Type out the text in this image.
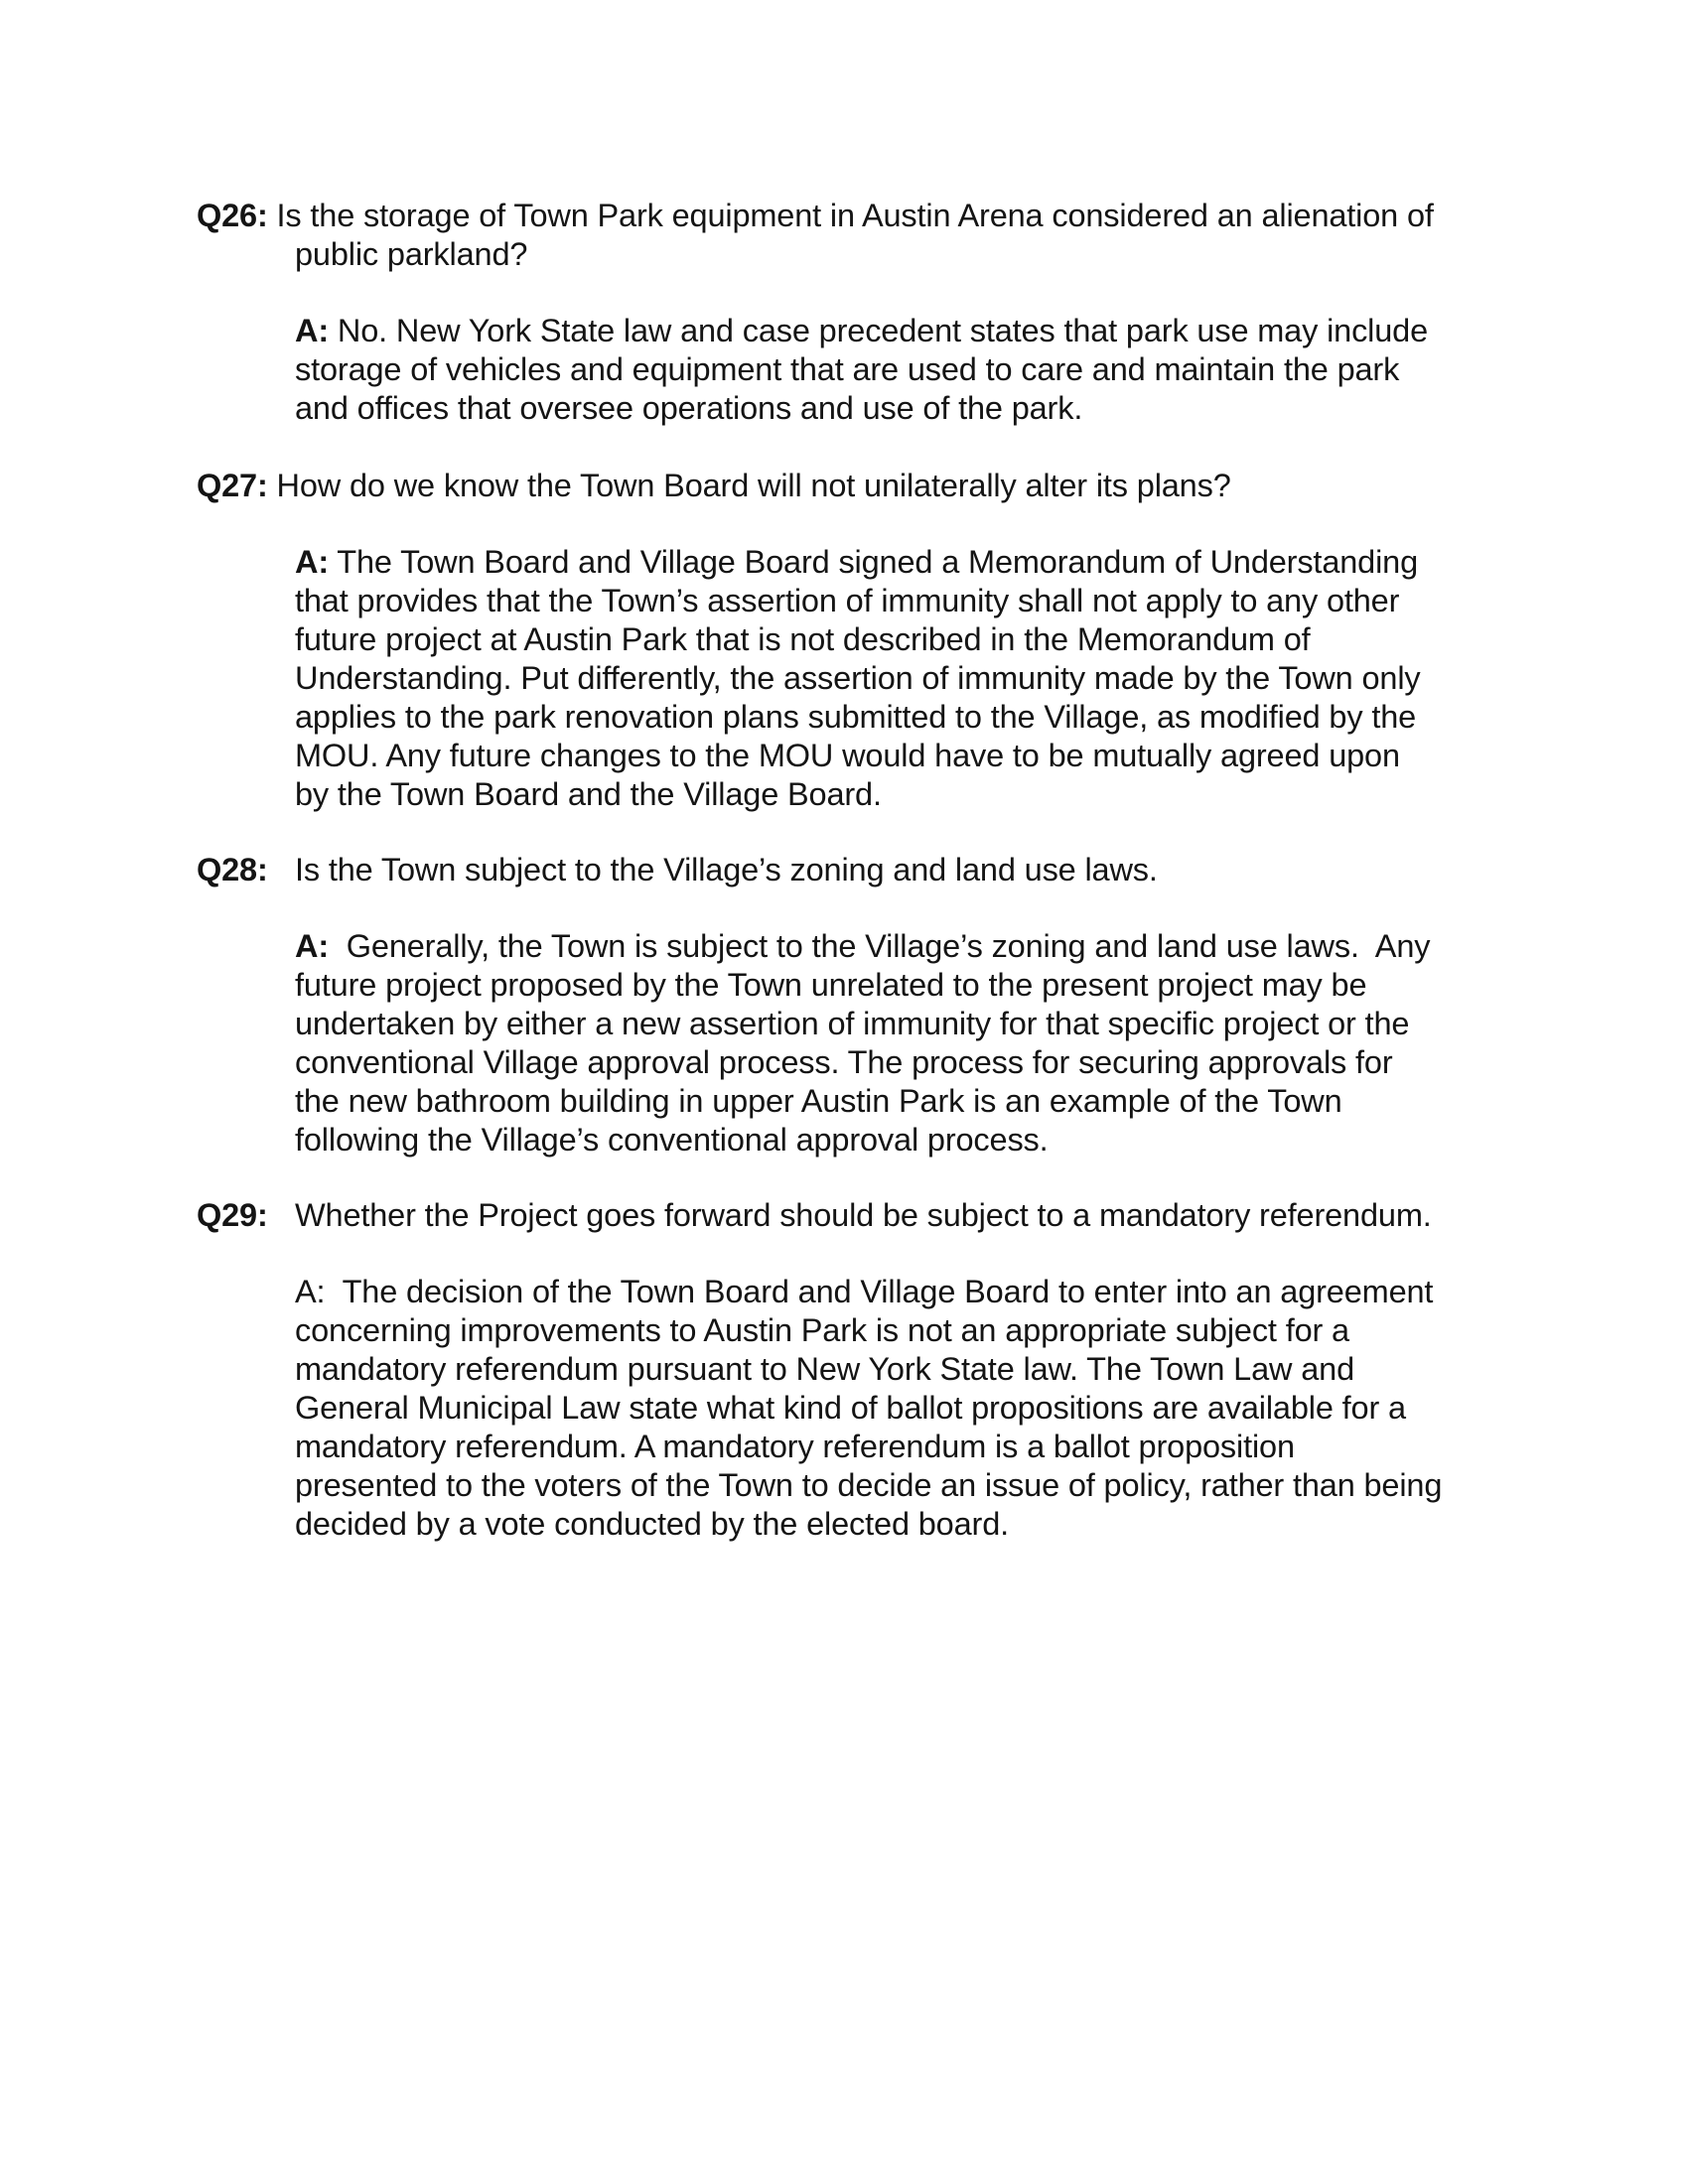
Q26: Is the storage of Town Park equipment in Austin Arena considered an alienation of public parkland?
A: No. New York State law and case precedent states that park use may include
storage of vehicles and equipment that are used to care and maintain the park
and offices that oversee operations and use of the park.
Q27: How do we know the Town Board will not unilaterally alter its plans?
A: The Town Board and Village Board signed a Memorandum of Understanding
that provides that the Town’s assertion of immunity shall not apply to any other
future project at Austin Park that is not described in the Memorandum of
Understanding. Put differently, the assertion of immunity made by the Town only
applies to the park renovation plans submitted to the Village, as modified by the
MOU. Any future changes to the MOU would have to be mutually agreed upon
by the Town Board and the Village Board.
Q28: Is the Town subject to the Village’s zoning and land use laws.
A:  Generally, the Town is subject to the Village’s zoning and land use laws.  Any
future project proposed by the Town unrelated to the present project may be
undertaken by either a new assertion of immunity for that specific project or the
conventional Village approval process. The process for securing approvals for
the new bathroom building in upper Austin Park is an example of the Town
following the Village’s conventional approval process.
Q29: Whether the Project goes forward should be subject to a mandatory referendum.
A:  The decision of the Town Board and Village Board to enter into an agreement
concerning improvements to Austin Park is not an appropriate subject for a
mandatory referendum pursuant to New York State law. The Town Law and
General Municipal Law state what kind of ballot propositions are available for a
mandatory referendum. A mandatory referendum is a ballot proposition
presented to the voters of the Town to decide an issue of policy, rather than being
decided by a vote conducted by the elected board.
